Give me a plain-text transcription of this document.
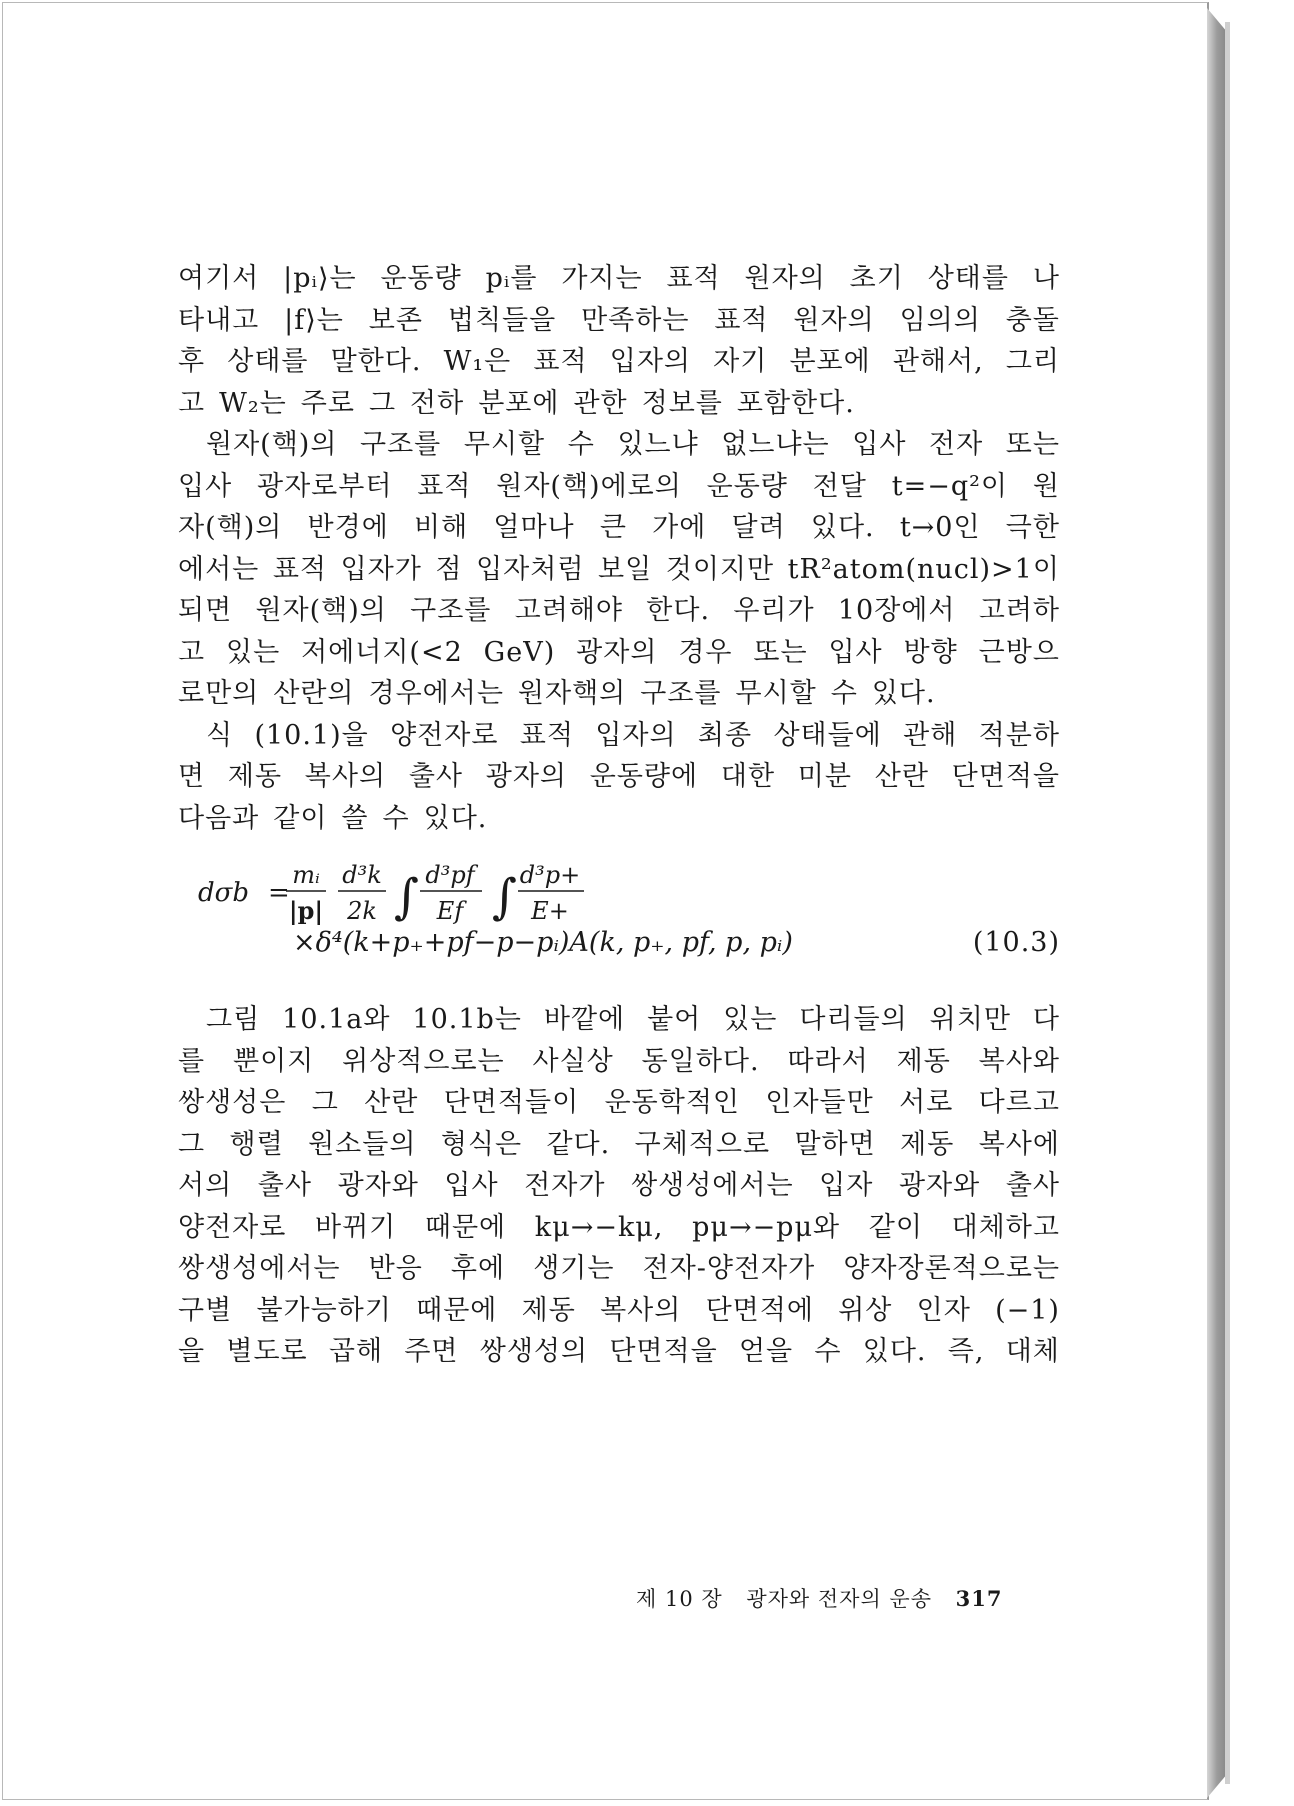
여기서 |pᵢ⟩는 운동량 pᵢ를 가지는 표적 원자의 초기 상태를 나
타내고 |f⟩는 보존 법칙들을 만족하는 표적 원자의 임의의 충돌
후 상태를 말한다. W₁은 표적 입자의 자기 분포에 관해서, 그리
고 W₂는 주로 그 전하 분포에 관한 정보를 포함한다.
원자(핵)의 구조를 무시할 수 있느냐 없느냐는 입사 전자 또는
입사 광자로부터 표적 원자(핵)에로의 운동량 전달 t=−q²이 원
자(핵)의 반경에 비해 얼마나 큰 가에 달려 있다. t→0인 극한
에서는 표적 입자가 점 입자처럼 보일 것이지만 tR²atom(nucl)>1이
되면 원자(핵)의 구조를 고려해야 한다. 우리가 10장에서 고려하
고 있는 저에너지(<2 GeV) 광자의 경우 또는 입사 방향 근방으
로만의 산란의 경우에서는 원자핵의 구조를 무시할 수 있다.
식 (10.1)을 양전자로 표적 입자의 최종 상태들에 관해 적분하
면 제동 복사의 출사 광자의 운동량에 대한 미분 산란 단면적을
다음과 같이 쓸 수 있다.
dσb =
mᵢ
|p|
d³k
2k ∫ d³pf
Ef ∫ d³p+
E+
×δ⁴(k+p₊+pf−p−pᵢ)A(k, p₊, pf, p, pᵢ)	(10.3)
그림 10.1a와 10.1b는 바깥에 붙어 있는 다리들의 위치만 다
를 뿐이지 위상적으로는 사실상 동일하다. 따라서 제동 복사와
쌍생성은 그 산란 단면적들이 운동학적인 인자들만 서로 다르고
그 행렬 원소들의 형식은 같다. 구체적으로 말하면 제동 복사에
서의 출사 광자와 입사 전자가 쌍생성에서는 입자 광자와 출사
양전자로 바뀌기 때문에 kμ→−kμ, pμ→−pμ와 같이 대체하고
쌍생성에서는 반응 후에 생기는 전자-양전자가 양자장론적으로는
구별 불가능하기 때문에 제동 복사의 단면적에 위상 인자 (−1)
을 별도로 곱해 주면 쌍생성의 단면적을 얻을 수 있다. 즉, 대체
제 10 장 광자와 전자의 운송 317
